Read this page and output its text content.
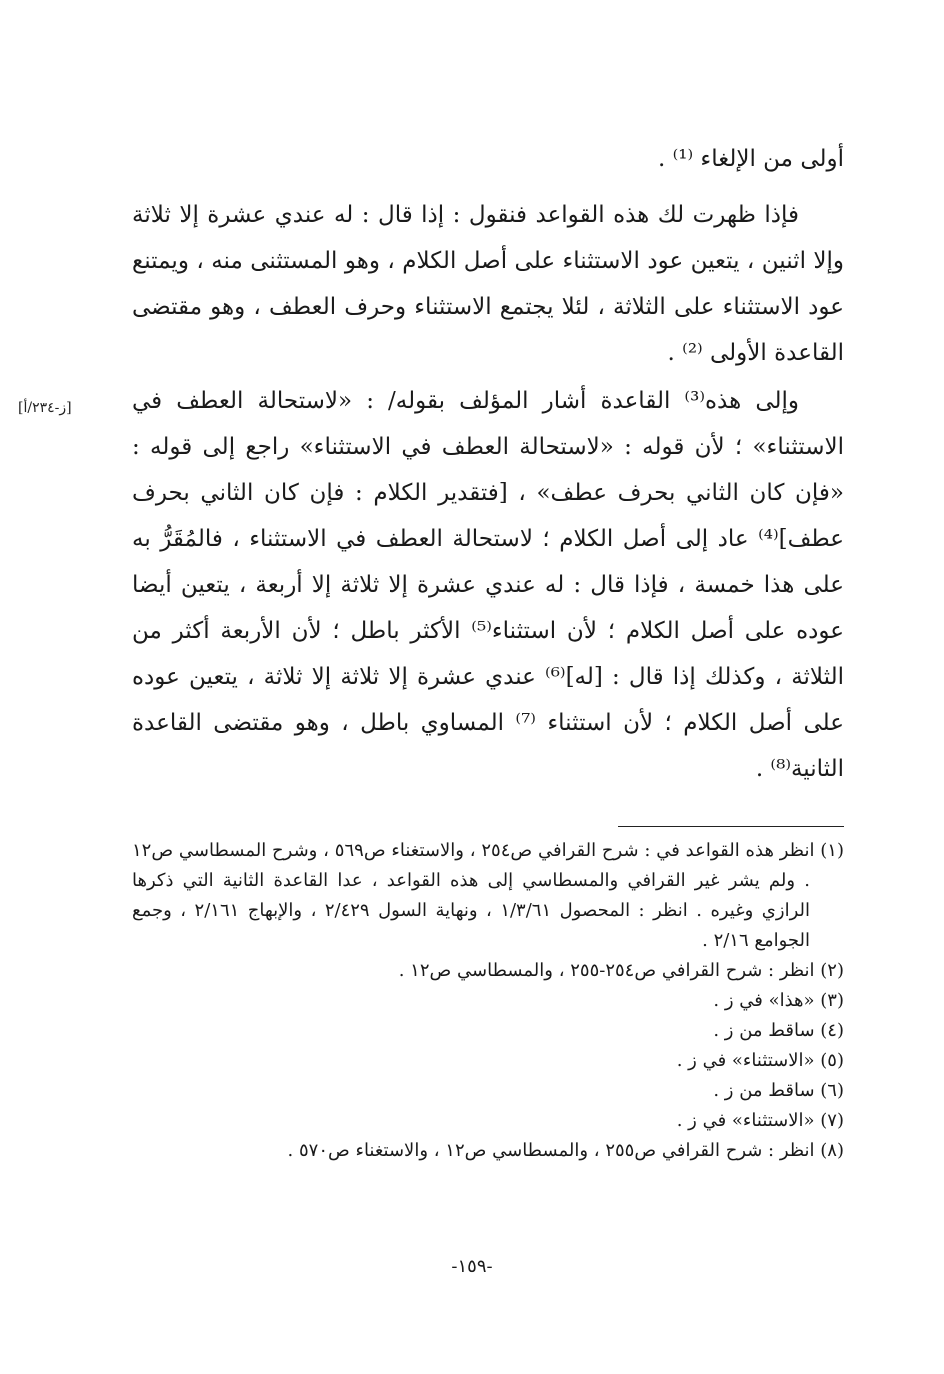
أولى من الإلغاء ⁽¹⁾ .

فإذا ظهرت لك هذه القواعد فنقول : إذا قال : له عندي عشرة إلا ثلاثة وإلا اثنين ، يتعين عود الاستثناء على أصل الكلام ، وهو المستثنى منه ، ويمتنع عود الاستثناء على الثلاثة ، لئلا يجتمع الاستثناء وحرف العطف ، وهو مقتضى القاعدة الأولى ⁽²⁾ .

وإلى هذه⁽³⁾ القاعدة أشار المؤلف بقوله/ : «لاستحالة العطف في الاستثناء» ؛ لأن قوله : «لاستحالة العطف في الاستثناء» راجع إلى قوله : «فإن كان الثاني بحرف عطف» ، [فتقدير الكلام : فإن كان الثاني بحرف عطف]⁽⁴⁾ عاد إلى أصل الكلام ؛ لاستحالة العطف في الاستثناء ، فالمُقَرُّ به على هذا خمسة ، فإذا قال : له عندي عشرة إلا ثلاثة إلا أربعة ، يتعين أيضا عوده على أصل الكلام ؛ لأن استثناء⁽⁵⁾ الأكثر باطل ؛ لأن الأربعة أكثر من الثلاثة ، وكذلك إذا قال : [له]⁽⁶⁾ عندي عشرة إلا ثلاثة إلا ثلاثة ، يتعين عوده على أصل الكلام ؛ لأن استثناء ⁽⁷⁾ المساوي باطل ، وهو مقتضى القاعدة الثانية⁽⁸⁾ .

[ز-٢٣٤/أ]

(١) انظر هذه القواعد في : شرح القرافي ص٢٥٤ ، والاستغناء ص٥٦٩ ، وشرح المسطاسي ص١٢ . ولم يشر غير القرافي والمسطاسي إلى هذه القواعد ، عدا القاعدة الثانية التي ذكرها الرازي وغيره . انظر : المحصول ١/٣/٦١ ، ونهاية السول ٢/٤٢٩ ، والإبهاج ٢/١٦١ ، وجمع الجوامع ٢/١٦ .

(٢) انظر : شرح القرافي ص٢٥٤-٢٥٥ ، والمسطاسي ص١٢ .

(٣) «هذا» في ز .

(٤) ساقط من ز .

(٥) «الاستثناء» في ز .

(٦) ساقط من ز .

(٧) «الاستثناء» في ز .

(٨) انظر : شرح القرافي ص٢٥٥ ، والمسطاسي ص١٢ ، والاستغناء ص٥٧٠ .

-١٥٩-
